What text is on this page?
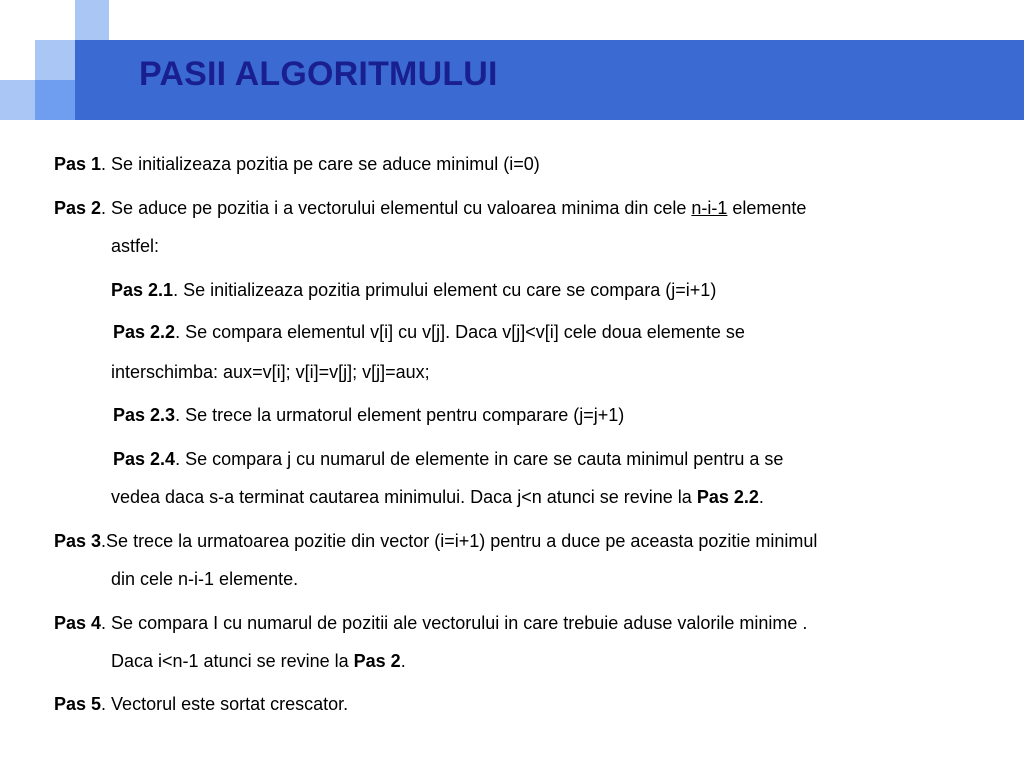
PASII ALGORITMULUI
Pas 1. Se initializeaza pozitia pe care se aduce minimul (i=0)
Pas 2. Se aduce pe pozitia i a vectorului elementul cu valoarea minima din cele n-i-1 elemente
astfel:
Pas 2.1. Se initializeaza pozitia primului element cu care se compara (j=i+1)
Pas 2.2. Se compara elementul v[i] cu v[j]. Daca v[j]<v[i] cele doua elemente se
interschimba: aux=v[i]; v[i]=v[j]; v[j]=aux;
Pas 2.3. Se trece la urmatorul element pentru comparare (j=j+1)
Pas 2.4. Se compara j cu numarul de elemente in care se cauta minimul pentru a se
vedea daca s-a terminat cautarea minimului. Daca j<n atunci se revine la Pas 2.2.
Pas 3.Se trece la urmatoarea pozitie din vector (i=i+1) pentru a duce pe aceasta pozitie minimul
din cele n-i-1 elemente.
Pas 4. Se compara I cu numarul de pozitii ale vectorului in care trebuie aduse valorile minime .
Daca i<n-1 atunci se revine la Pas 2.
Pas 5. Vectorul este sortat crescator.
